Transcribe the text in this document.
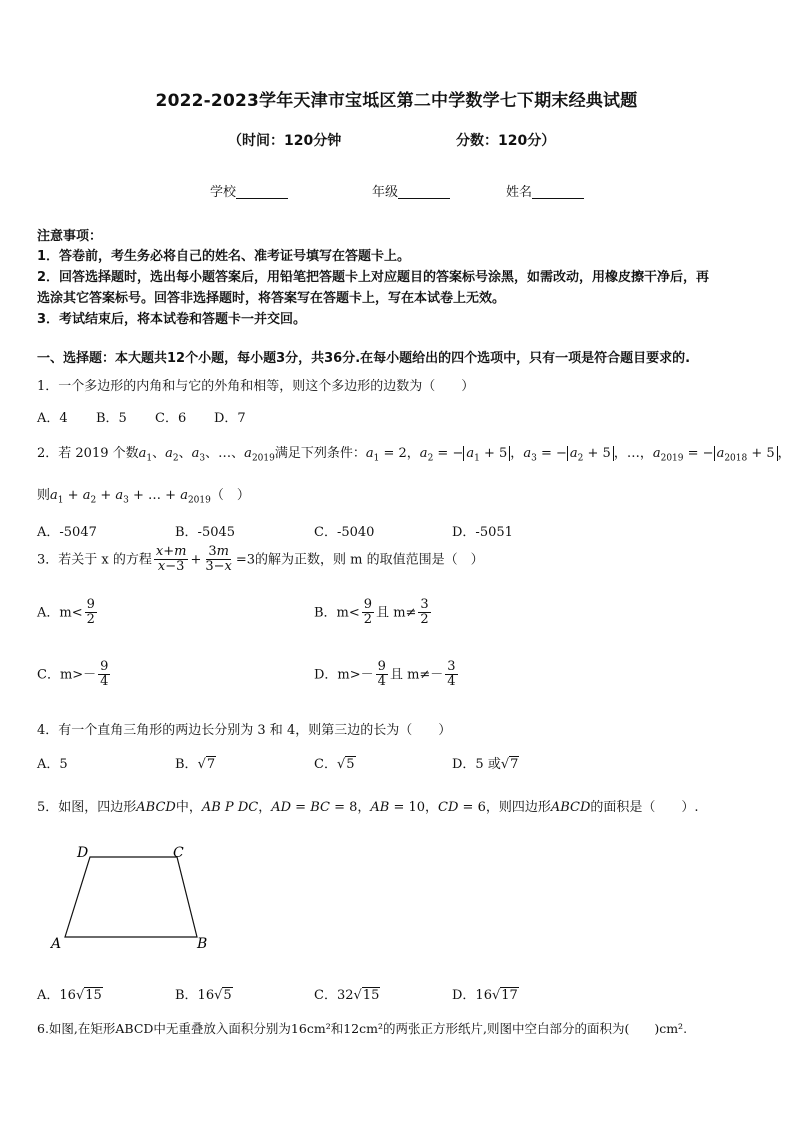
2022-2023学年天津市宝坻区第二中学数学七下期末经典试题
（时间：120分钟	分数：120分）
学校	年级	姓名
注意事项：
1．答卷前，考生务必将自己的姓名、准考证号填写在答题卡上。
2．回答选择题时，选出每小题答案后，用铅笔把答题卡上对应题目的答案标号涂黑，如需改动，用橡皮擦干净后，再
选涂其它答案标号。回答非选择题时，将答案写在答题卡上，写在本试卷上无效。
3．考试结束后，将本试卷和答题卡一并交回。
一、选择题：本大题共12个小题，每小题3分，共36分.在每小题给出的四个选项中，只有一项是符合题目要求的.
1．一个多边形的内角和与它的外角和相等，则这个多边形的边数为（　　）
A．4 B．5 C．6 D．7
2．若 2019 个数$a_1$、$a_2$、$a_3$、…、$a_{2019}$满足下列条件：$a_1 = 2$，$a_2$ = − $a_1 + 5$ ，$a_3$ = − $a_2 + 5$ ，…，$a_{2019}$ = − $a_{2018} + 5$ ，
则$a_1 + a_2 + a_3$ + … + $a_{2019}$（　）
A．-5047	B．-5045	C．-5040	D．-5051
3．若关于 x 的方程 $\frac{x+m}{x-3} + \frac{3m}{3-x} =3$的解为正数，则 m 的取值范围是（　）
A．$m< \frac{9}{2}$	B．$m< \frac{9}{2}$ 且 $m\ne \frac{3}{2}$
C．$m>- \frac{9}{4}$	D．$m>- \frac{9}{4}$ 且 $m\ne- \frac{3}{4}$
4．有一个直角三角形的两边长分别为 3 和 4，则第三边的长为（　　）
A．5	B．√7	C．√5	D．5 或√7
5．如图，四边形ABCD中，AB P DC，AD = BC = 8，AB = 10，CD = 6，则四边形ABCD的面积是（　　）.
D	C
A	B
A．16√15	B．16√5	C．32√15	D．16√17
6.如图,在矩形ABCD中无重叠放入面积分别为16cm²和12cm²的两张正方形纸片,则图中空白部分的面积为(　　)cm².
